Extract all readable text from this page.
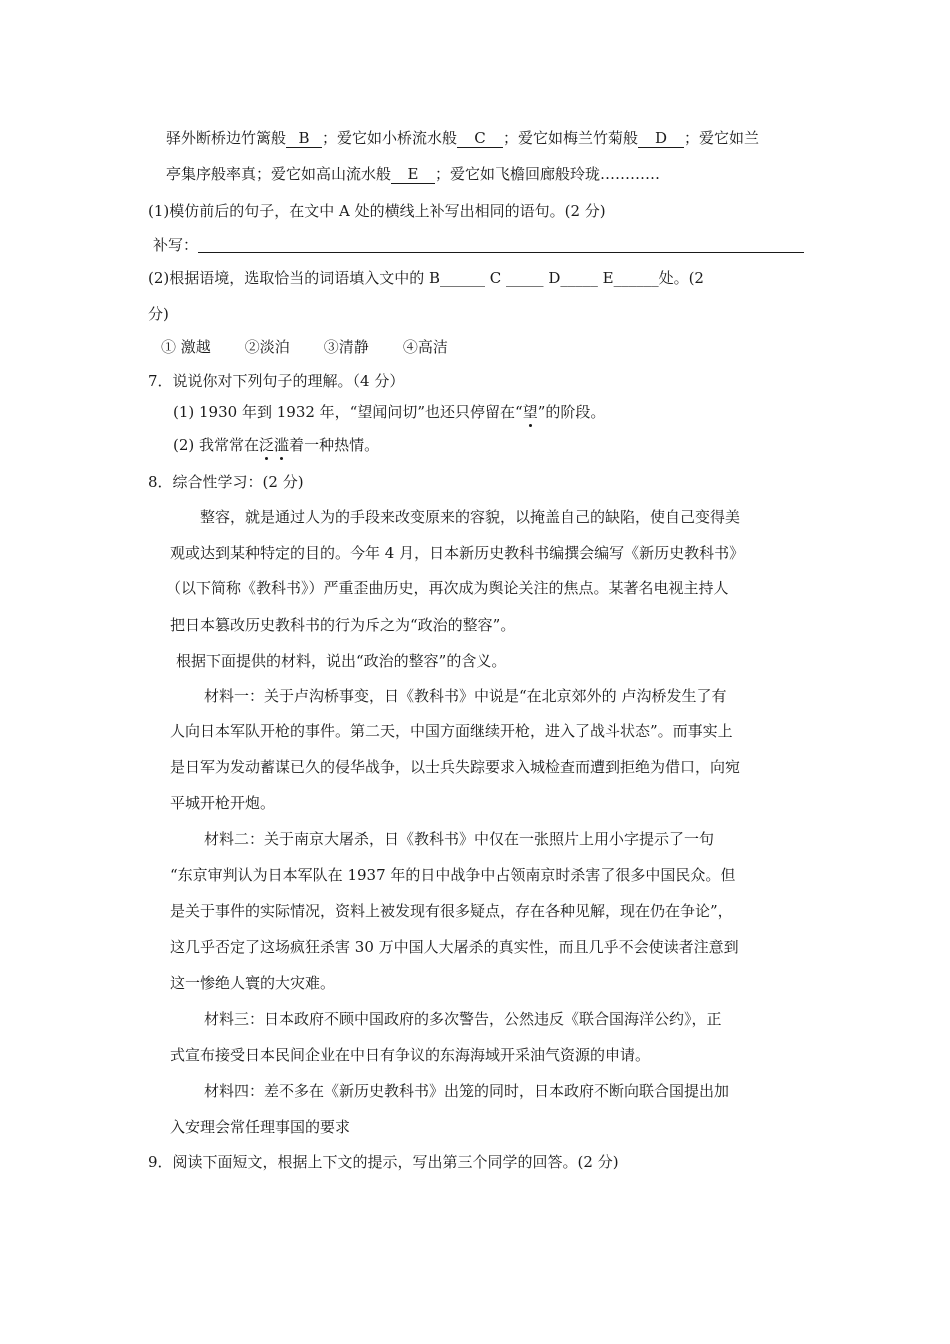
驿外断桥边竹篱般 B ；爱它如小桥流水般 C ；爱它如梅兰竹菊般 D ；爱它如兰
亭集序般率真；爱它如高山流水般 E ；爱它如飞檐回廊般玲珑…………
(1)模仿前后的句子，在文中 A 处的横线上补写出相同的语句。(2 分)
补写：
(2)根据语境，选取恰当的词语填入文中的 B______ C _____ D_____ E______处。(2
分)
① 激越 ②淡泊 ③清静 ④高洁
7．说说你对下列句子的理解。（4 分）
(1) 1930 年到 1932 年，“望闻问切”也还只停留在“望”的阶段。
(2) 我常常在泛滥着一种热情。
8．综合性学习：(2 分)
整容，就是通过人为的手段来改变原来的容貌，以掩盖自己的缺陷，使自己变得美
观或达到某种特定的目的。今年 4 月，日本新历史教科书编撰会编写《新历史教科书》
（以下简称《教科书》）严重歪曲历史，再次成为舆论关注的焦点。某著名电视主持人
把日本篡改历史教科书的行为斥之为“政治的整容”。
根据下面提供的材料，说出“政治的整容”的含义。
材料一：关于卢沟桥事变，日《教科书》中说是“在北京郊外的 卢沟桥发生了有
人向日本军队开枪的事件。第二天，中国方面继续开枪，进入了战斗状态”。而事实上
是日军为发动蓄谋已久的侵华战争，以士兵失踪要求入城检查而遭到拒绝为借口，向宛
平城开枪开炮。
材料二：关于南京大屠杀，日《教科书》中仅在一张照片上用小字提示了一句
“东京审判认为日本军队在 1937 年的日中战争中占领南京时杀害了很多中国民众。但
是关于事件的实际情况，资料上被发现有很多疑点，存在各种见解，现在仍在争论”，
这几乎否定了这场疯狂杀害 30 万中国人大屠杀的真实性，而且几乎不会使读者注意到
这一惨绝人寰的大灾难。
材料三：日本政府不顾中国政府的多次警告，公然违反《联合国海洋公约》，正
式宣布接受日本民间企业在中日有争议的东海海域开采油气资源的申请。
材料四：差不多在《新历史教科书》出笼的同时，日本政府不断向联合国提出加
入安理会常任理事国的要求
9．阅读下面短文，根据上下文的提示，写出第三个同学的回答。(2 分)
